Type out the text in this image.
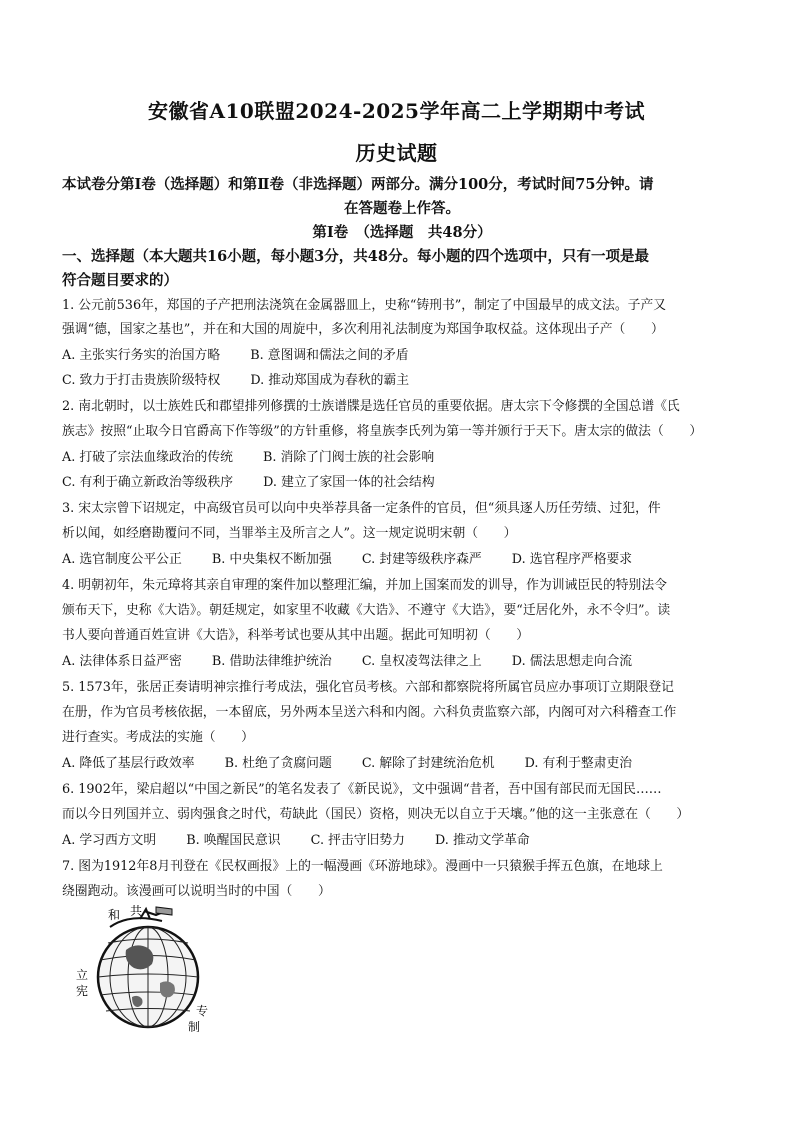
安徽省A10联盟2024-2025学年高二上学期期中考试
历史试题
本试卷分第Ⅰ卷（选择题）和第Ⅱ卷（非选择题）两部分。满分100分，考试时间75分钟。请
在答题卷上作答。
第Ⅰ卷　（选择题　共48分）
一、选择题（本大题共16小题，每小题3分，共48分。每小题的四个选项中，只有一项是最
符合题目要求的）
1. 公元前536年，郑国的子产把刑法浇筑在金属器皿上，史称“铸刑书”，制定了中国最早的成文法。子产又
强调“德，国家之基也”，并在和大国的周旋中，多次利用礼法制度为郑国争取权益。这体现出子产（　　）
A. 主张实行务实的治国方略 B. 意图调和儒法之间的矛盾
C. 致力于打击贵族阶级特权 D. 推动郑国成为春秋的霸主
2. 南北朝时，以士族姓氏和郡望排列修撰的士族谱牒是选任官员的重要依据。唐太宗下令修撰的全国总谱《氏
族志》按照“止取今日官爵高下作等级”的方针重修，将皇族李氏列为第一等并颁行于天下。唐太宗的做法（　　）
A. 打破了宗法血缘政治的传统 B. 消除了门阀士族的社会影响
C. 有利于确立新政治等级秩序 D. 建立了家国一体的社会结构
3. 宋太宗曾下诏规定，中高级官员可以向中央举荐具备一定条件的官员，但“须具逐人历任劳绩、过犯，件
析以闻，如经磨勘覆问不同，当罪举主及所言之人”。这一规定说明宋朝（　　）
A. 选官制度公平公正 B. 中央集权不断加强 C. 封建等级秩序森严 D. 选官程序严格要求
4. 明朝初年，朱元璋将其亲自审理的案件加以整理汇编，并加上国案而发的训导，作为训诫臣民的特别法令
颁布天下，史称《大诰》。朝廷规定，如家里不收藏《大诰》、不遵守《大诰》，要“迁居化外，永不令归”。读
书人要向普通百姓宣讲《大诰》，科举考试也要从其中出题。据此可知明初（　　）
A. 法律体系日益严密 B. 借助法律维护统治 C. 皇权凌驾法律之上 D. 儒法思想走向合流
5. 1573年，张居正奏请明神宗推行考成法，强化官员考核。六部和都察院将所属官员应办事项订立期限登记
在册，作为官员考核依据，一本留底，另外两本呈送六科和内阁。六科负责监察六部，内阁可对六科稽查工作
进行查实。考成法的实施（　　）
A. 降低了基层行政效率 B. 杜绝了贪腐问题 C. 解除了封建统治危机 D. 有利于整肃吏治
6. 1902年，梁启超以“中国之新民”的笔名发表了《新民说》，文中强调“昔者，吾中国有部民而无国民……
而以今日列国并立、弱肉强食之时代，苟缺此（国民）资格，则决无以自立于天壤。”他的这一主张意在（　　）
A. 学习西方文明 B. 唤醒国民意识 C. 抨击守旧势力 D. 推动文学革命
7. 图为1912年8月刊登在《民权画报》上的一幅漫画《环游地球》。漫画中一只猿猴手挥五色旗，在地球上
绕圈跑动。该漫画可以说明当时的中国（　　）
和 共
立
宪
专
制
